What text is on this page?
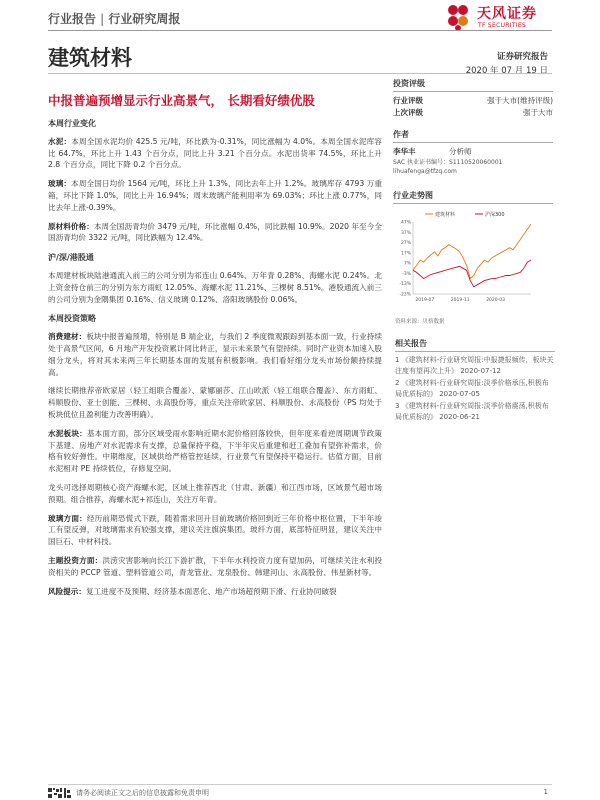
行业报告 | 行业研究周报	天风证券
TF SECURITIES
建筑材料	证券研究报告
2020 年 07 月 19 日
中报普遍预增显示行业高景气， 长期看好绩优股
本周行业变化

水泥：本周全国水泥均价 425.5 元/吨，环比跌为-0.31%，同比涨幅为 4.0%。本周全国水泥库容比 64.7%，环比上升 1.43 个百分点，同比上升 3.21 个百分点。水泥出货率 74.5%，环比上升 2.8 个百分点，同比下降 0.2 个百分点。

玻璃：本周全国日均价 1564 元/吨，环比上升 1.3%，同比去年上升 1.2%。玻璃库存 4793 万重箱，环比下降 1.0%，同比上升 16.94%；周末玻璃产能利用率为 69.03%；环比上涨 0.77%，同比去年上涨-0.39%。

原材料价格：本周全国沥青均价 3479 元/吨，环比涨幅 0.4%，同比跌幅 10.9%。2020 年至今全国沥青均价 3322 元/吨，同比跌幅为 12.4%。

沪/深/港股通

本周建材板块陆港通流入前三的公司分别为祁连山 0.64%、万年青 0.28%、海螺水泥 0.24%。北上资金持仓前三的分别为东方雨虹 12.05%、海螺水泥 11.21%、三棵树 8.51%。港股通流入前三的公司分别为金隅集团 0.16%、信义玻璃 0.12%、洛阳玻璃股份 0.06%。

本周投资策略

消费建材：板块中报普遍预增，特别是 B 端企业，与我们 2 季度微观跟踪到基本面一致，行业持续处于高景气区间，6 月地产开发投资累计同比转正，显示未来景气有望持续。同时产业资本加速入股细分龙头，将对其未来两三年长期基本面的发展有积极影响。我们看好细分龙头市场份额持续提高。

继续长期推荐帝欧家居（轻工组联合覆盖）、蒙娜丽莎、江山欧派（轻工组联合覆盖）、东方雨虹、科顺股份、亚士创能、三棵树、永高股份等，重点关注帝欧家居、科顺股份、永高股份（PS 均处于板块低位且盈利能力改善明确）。

水泥板块：基本面方面，部分区域受雨水影响近期水泥价格回落较快，但年度来看逆周期调节政策下基建、房地产对水泥需求有支撑，总量保持平稳，下半年灾后重建和赶工叠加有望弥补需求，价格有较好弹性。中期维度，区域供给严格管控延续，行业景气有望保持平稳运行。估值方面，目前水泥相对 PE 持续低位，存修复空间。

龙头可选择周期核心资产海螺水泥，区域上推荐西北（甘肃、新疆）和江西市场，区域景气超市场预期。组合推荐，海螺水泥+祁连山，关注万年青。

玻璃方面：经历前期恐慌式下跌，随着需求回升目前玻璃价格回到近三年价格中枢位置，下半年竣工有望反弹，对玻璃需求有较强支撑，建议关注旗滨集团。玻纤方面，底部特征明显，建议关注中国巨石、中材科技。

主题投资方面：洪涝灾害影响向长江下游扩散，下半年水利投资力度有望加码，可继续关注水利投资相关的 PCCP 管道、塑料管道公司，青龙管业、龙泉股份、韩建河山、永高股份、伟星新材等。

风险提示：复工进度不及预期、经济基本面恶化、地产市场超预期下滑、行业协同破裂

投资评级
行业评级	强于大市(维持评级)
上次评级	强于大市
作者
李华丰	分析师
SAC 执业证书编号：S1110520060001
lihuafenga@tfzq.com
行业走势图
47%
37%
27%
17%
7%
-3%
-13%
-23%
2019-07	2019-11	2020-03
建筑材料	沪深300
资料来源：贝格数据
相关报告
1 《建筑材料-行业研究周报:中报捷报频传，板块关注度有望再次上升》 2020-07-12
2 《建筑材料-行业研究周报:淡季价格承压,积极布局优质标的》 2020-07-05
3 《建筑材料-行业研究周报:淡季价格震荡,积极布局优质标的》 2020-06-21
请务必阅读正文之后的信息披露和免责申明	1
